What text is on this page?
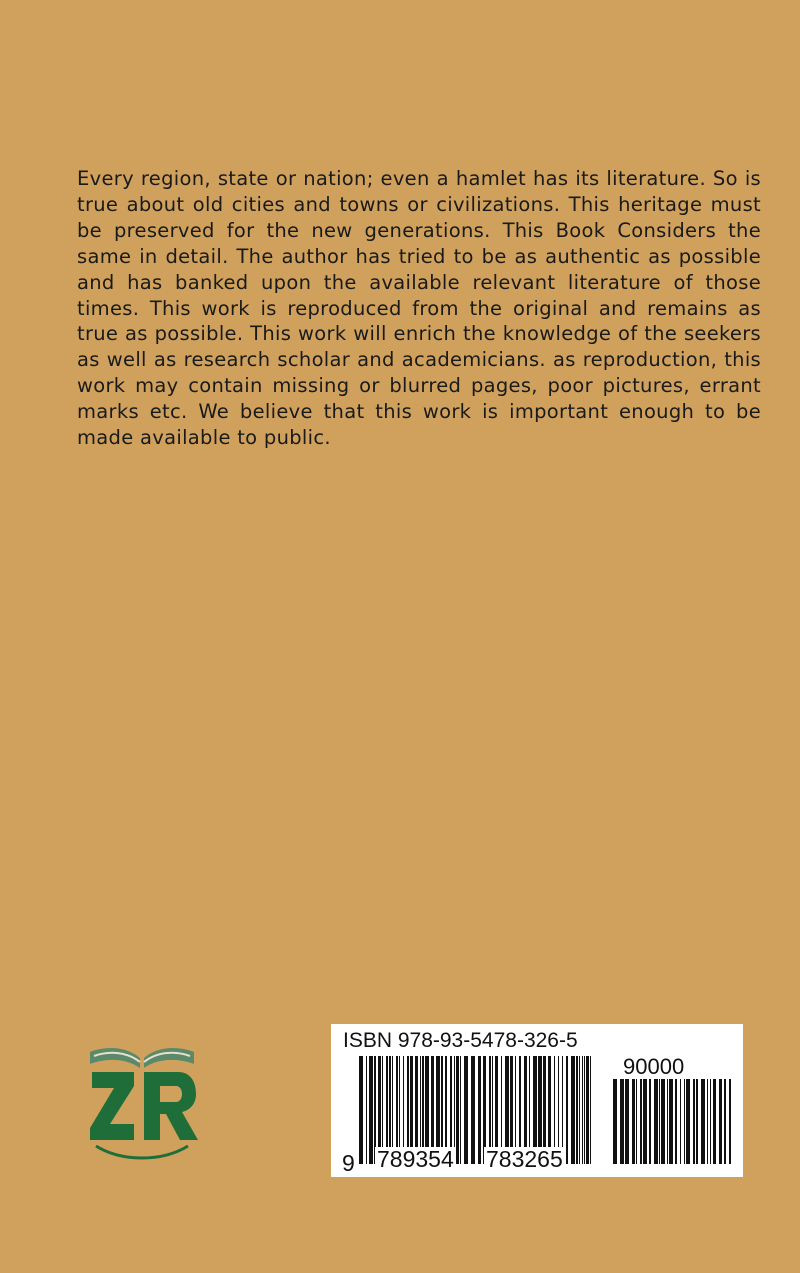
Every region, state or nation; even a hamlet has its literature. So is true about old cities and towns or civilizations. This heritage must be preserved for the new generations. This Book Considers the same in detail. The author has tried to be as authentic as possible and has banked upon the available relevant literature of those times. This work is reproduced from the original and remains as true as possible. This work will enrich the knowledge of the seekers as well as research scholar and academicians. as reproduction, this work may contain missing or blurred pages, poor pictures, errant marks etc. We believe that this work is important enough to be made available to public.

ISBN 978-93-5478-326-5
90000
9 789354 783265
